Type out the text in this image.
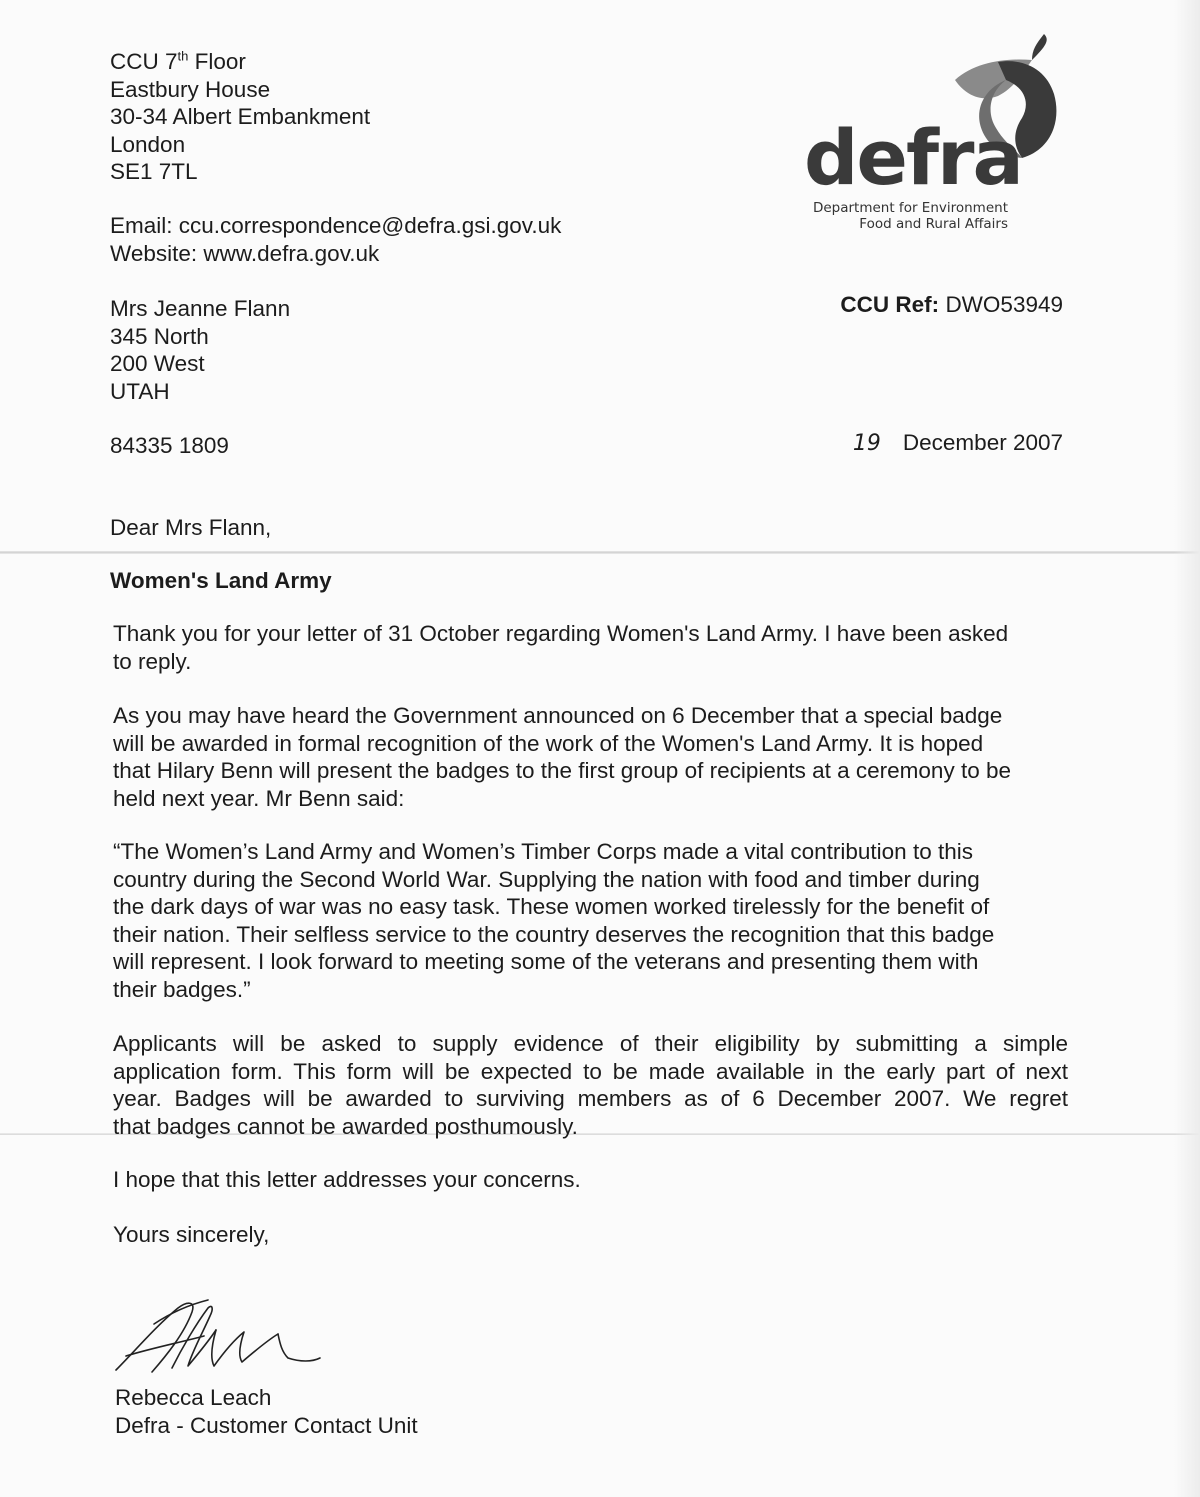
CCU 7th Floor
Eastbury House
30-34 Albert Embankment
London
SE1 7TL
Email: ccu.correspondence@defra.gsi.gov.uk
Website: www.defra.gov.uk
defra
Department for Environment
Food and Rural Affairs
CCU Ref: DWO53949
Mrs Jeanne Flann
345 North
200 West
UTAH
84335 1809	19 December 2007
Dear Mrs Flann,
Women's Land Army

Thank you for your letter of 31 October regarding Women's Land Army. I have been asked
to reply.

As you may have heard the Government announced on 6 December that a special badge
will be awarded in formal recognition of the work of the Women's Land Army. It is hoped
that Hilary Benn will present the badges to the first group of recipients at a ceremony to be
held next year. Mr Benn said:

“The Women’s Land Army and Women’s Timber Corps made a vital contribution to this
country during the Second World War. Supplying the nation with food and timber during
the dark days of war was no easy task. These women worked tirelessly for the benefit of
their nation. Their selfless service to the country deserves the recognition that this badge
will represent. I look forward to meeting some of the veterans and presenting them with
their badges.”

Applicants will be asked to supply evidence of their eligibility by submitting a simple
application form. This form will be expected to be made available in the early part of next
year. Badges will be awarded to surviving members as of 6 December 2007. We regret
that badges cannot be awarded posthumously.

I hope that this letter addresses your concerns.

Yours sincerely,
Rebecca Leach
Defra - Customer Contact Unit
